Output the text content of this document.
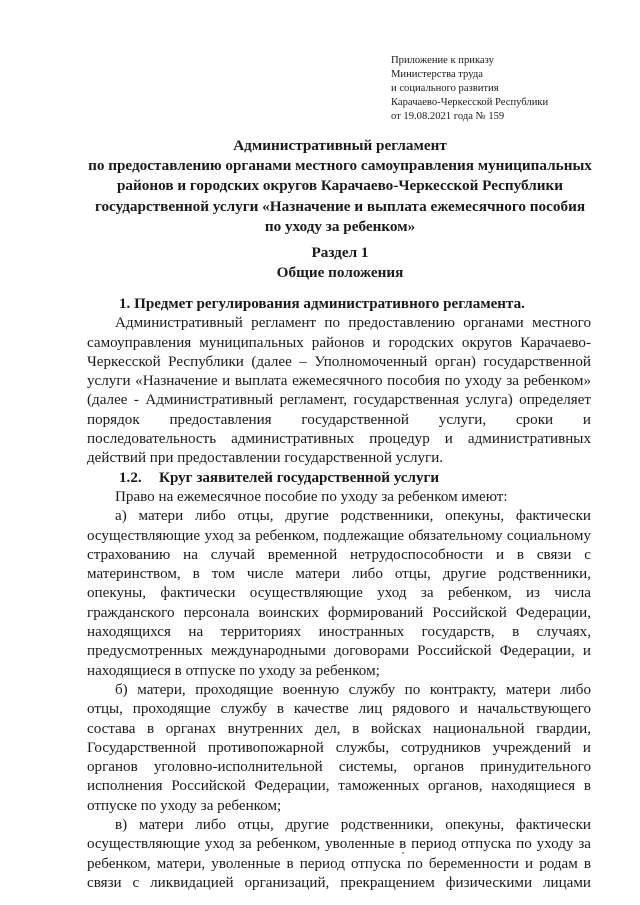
Приложение к приказу
Министерства труда
и социального развития
Карачаево-Черкесской Республики
от 19.08.2021 года № 159
Административный регламент
по предоставлению органами местного самоуправления муниципальных
районов и городских округов Карачаево-Черкесской Республики
государственной услуги «Назначение и выплата ежемесячного пособия
по уходу за ребенком»
Раздел 1
Общие положения
1. Предмет регулирования административного регламента.
Административный регламент по предоставлению органами местного
самоуправления муниципальных районов и городских округов Карачаево-
Черкесской Республики (далее – Уполномоченный орган) государственной
услуги «Назначение и выплата ежемесячного пособия по уходу за ребенком»
(далее - Административный регламент, государственная услуга) определяет
порядок предоставления государственной услуги, сроки и
последовательность административных процедур и административных
действий при предоставлении государственной услуги.
1.2. Круг заявителей государственной услуги
Право на ежемесячное пособие по уходу за ребенком имеют:
а) матери либо отцы, другие родственники, опекуны, фактически
осуществляющие уход за ребенком, подлежащие обязательному социальному
страхованию на случай временной нетрудоспособности и в связи с
материнством, в том числе матери либо отцы, другие родственники,
опекуны, фактически осуществляющие уход за ребенком, из числа
гражданского персонала воинских формирований Российской Федерации,
находящихся на территориях иностранных государств, в случаях,
предусмотренных международными договорами Российской Федерации, и
находящиеся в отпуске по уходу за ребенком;
б) матери, проходящие военную службу по контракту, матери либо
отцы, проходящие службу в качестве лиц рядового и начальствующего
состава в органах внутренних дел, в войсках национальной гвардии,
Государственной противопожарной службы, сотрудников учреждений и
органов уголовно-исполнительной системы, органов принудительного
исполнения Российской Федерации, таможенных органов, находящиеся в
отпуске по уходу за ребенком;
в) матери либо отцы, другие родственники, опекуны, фактически
осуществляющие уход за ребенком, уволенные в период отпуска по уходу за
ребенком, матери, уволенные в период отпуска по беременности и родам в
связи с ликвидацией организаций, прекращением физическими лицами
